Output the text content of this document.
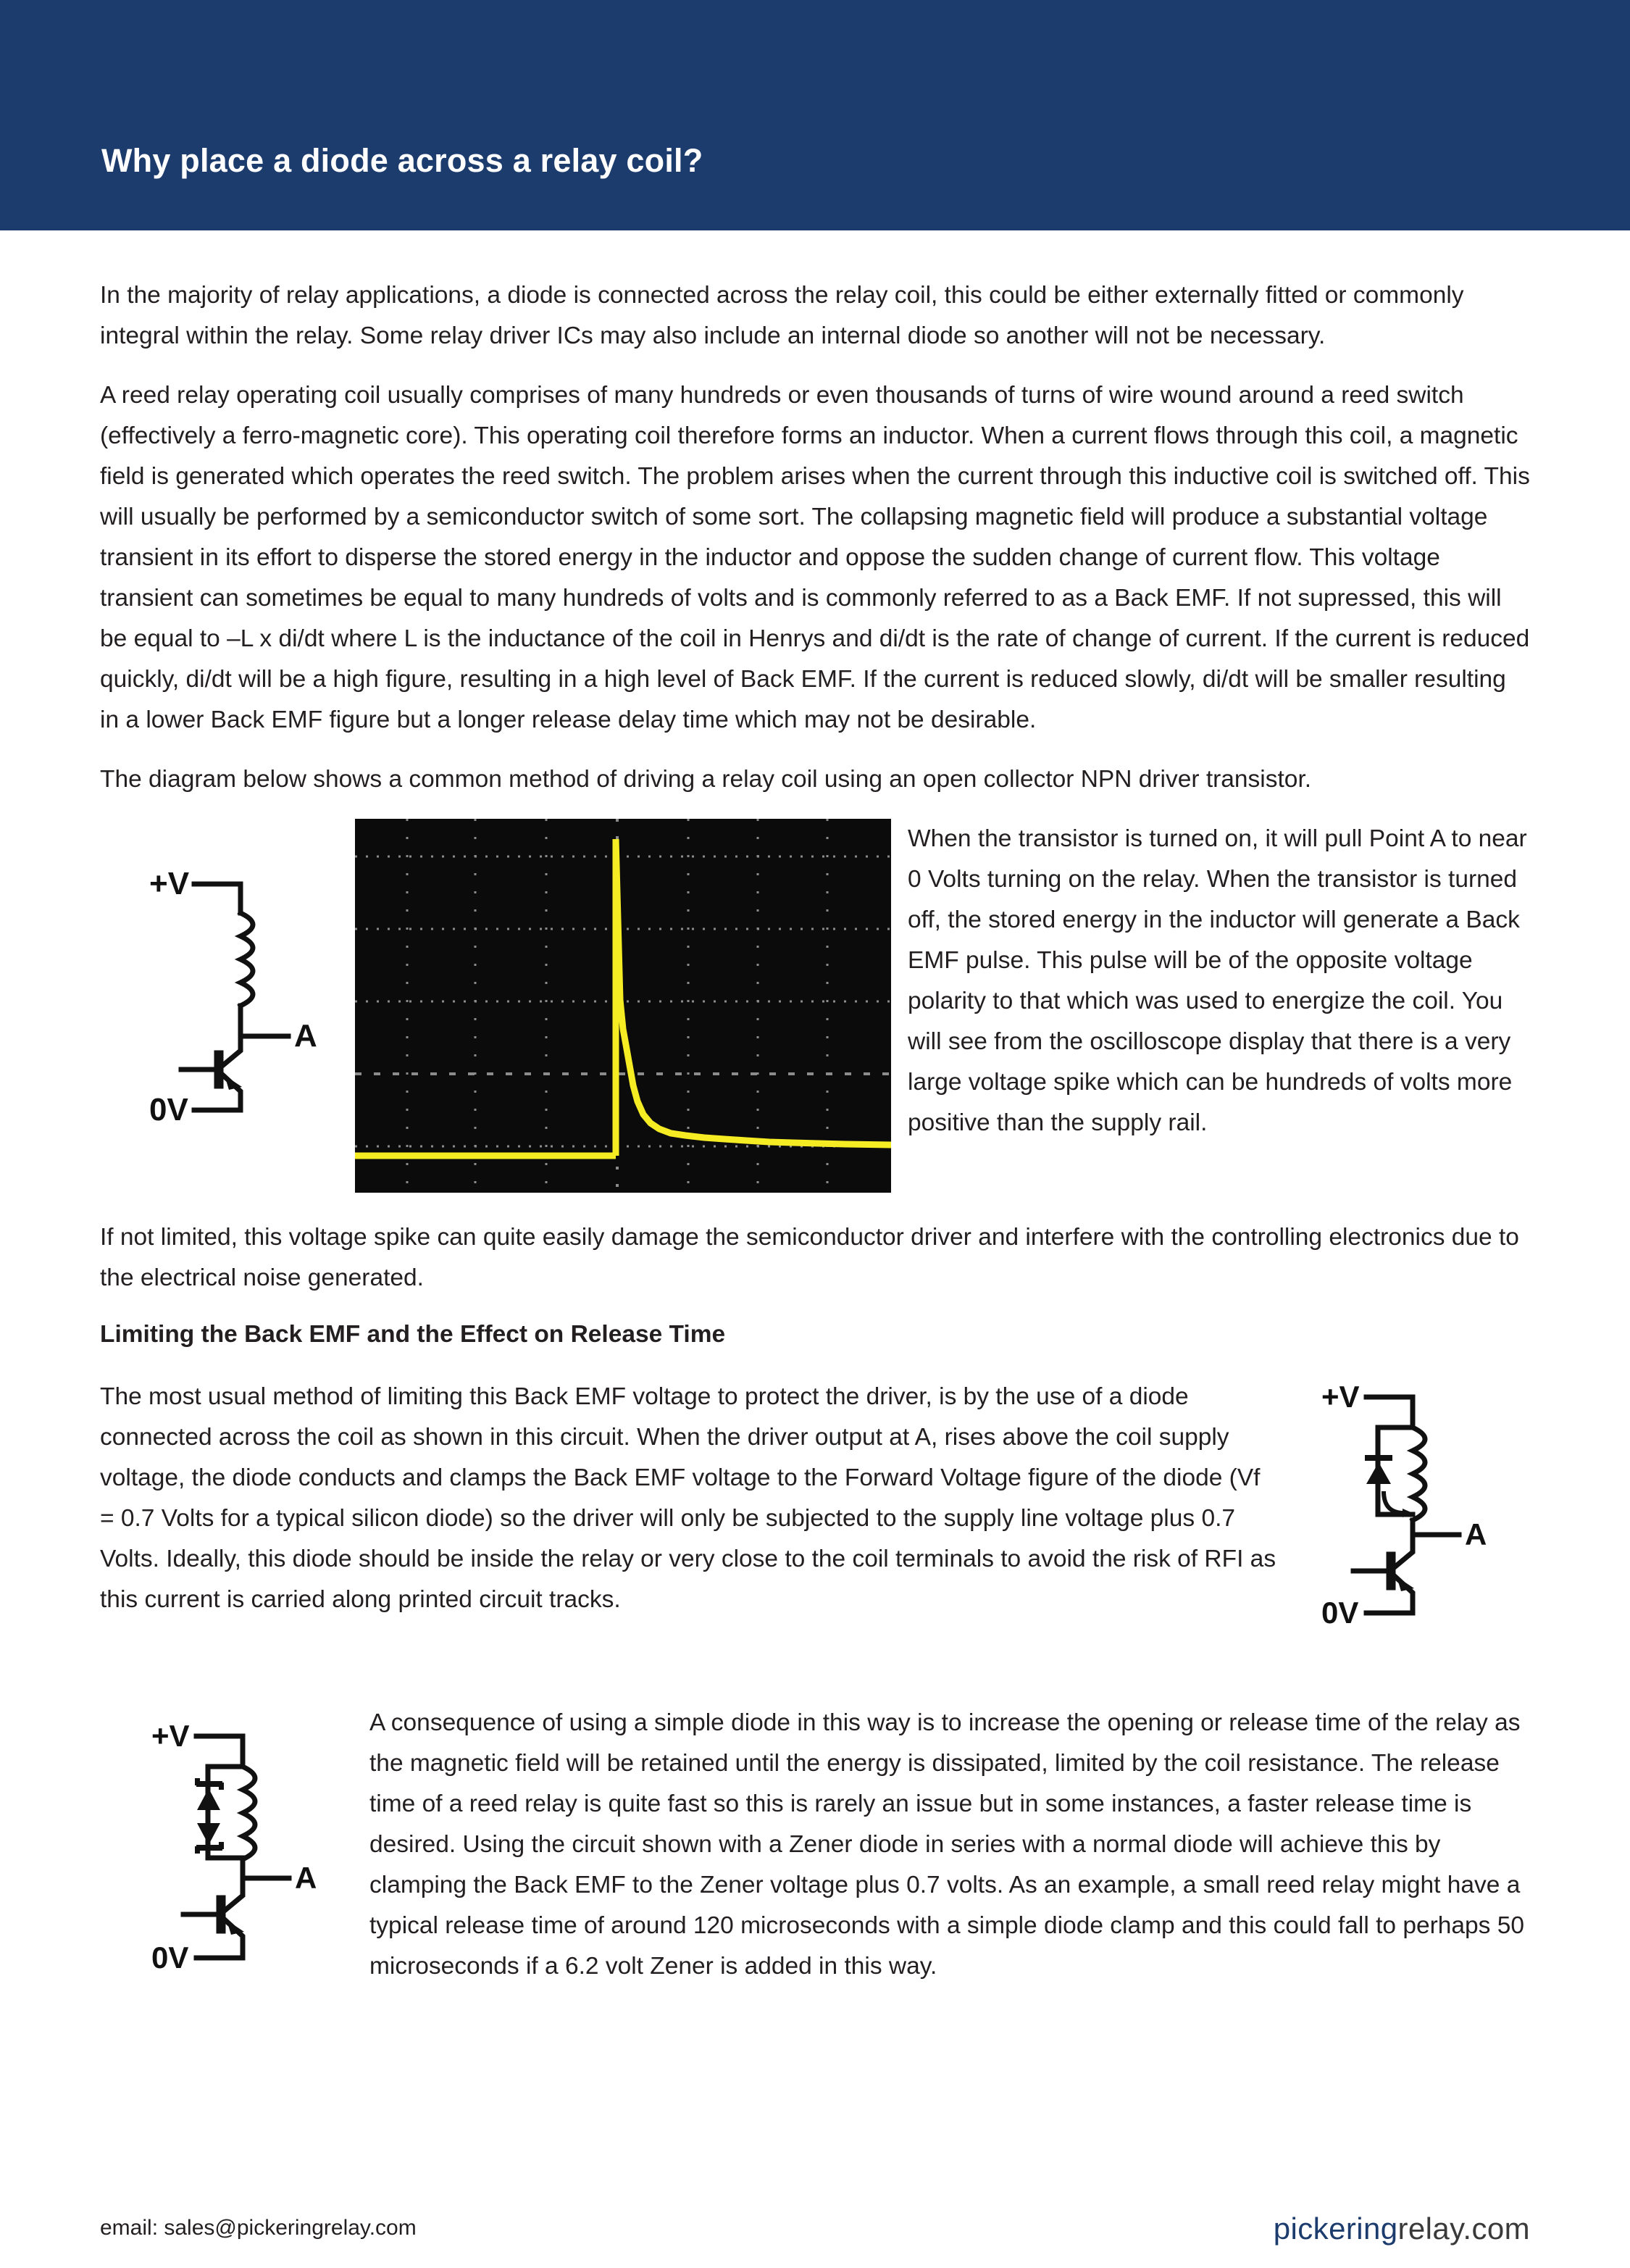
Why place a diode across a relay coil?

In the majority of relay applications, a diode is connected across the relay coil, this could be either externally fitted or commonly integral within the relay. Some relay driver ICs may also include an internal diode so another will not be necessary.

A reed relay operating coil usually comprises of many hundreds or even thousands of turns of wire wound around a reed switch (effectively a ferro-magnetic core). This operating coil therefore forms an inductor. When a current flows through this coil, a magnetic field is generated which operates the reed switch. The problem arises when the current through this inductive coil is switched off. This will usually be performed by a semiconductor switch of some sort. The collapsing magnetic field will produce a substantial voltage transient in its effort to disperse the stored energy in the inductor and oppose the sudden change of current flow. This voltage transient can sometimes be equal to many hundreds of volts and is commonly referred to as a Back EMF. If not supressed, this will be equal to –L x di/dt where L is the inductance of the coil in Henrys and di/dt is the rate of change of current. If the current is reduced quickly, di/dt will be a high figure, resulting in a high level of Back EMF. If the current is reduced slowly, di/dt will be smaller resulting in a lower Back EMF figure but a longer release delay time which may not be desirable.

The diagram below shows a common method of driving a relay coil using an open collector NPN driver transistor.

+V
0V
A
When the transistor is turned on, it will pull Point A to near 0 Volts turning on the relay. When the transistor is turned off, the stored energy in the inductor will generate a Back EMF pulse. This pulse will be of the opposite voltage polarity to that which was used to energize the coil. You will see from the oscilloscope display that there is a very large voltage spike which can be hundreds of volts more positive than the supply rail.

If not limited, this voltage spike can quite easily damage the semiconductor driver and interfere with the controlling electronics due to the electrical noise generated.

Limiting the Back EMF and the Effect on Release Time
The most usual method of limiting this Back EMF voltage to protect the driver, is by the use of a diode connected across the coil as shown in this circuit. When the driver output at A, rises above the coil supply voltage, the diode conducts and clamps the Back EMF voltage to the Forward Voltage figure of the diode (Vf = 0.7 Volts for a typical silicon diode) so the driver will only be subjected to the supply line voltage plus 0.7 Volts. Ideally, this diode should be inside the relay or very close to the coil terminals to avoid the risk of RFI as this current is carried along printed circuit tracks.
+V
0V
A
+V
0V
A
A consequence of using a simple diode in this way is to increase the opening or release time of the relay as the magnetic field will be retained until the energy is dissipated, limited by the coil resistance. The release time of a reed relay is quite fast so this is rarely an issue but in some instances, a faster release time is desired. Using the circuit shown with a Zener diode in series with a normal diode will achieve this by clamping the Back EMF to the Zener voltage plus 0.7 volts. As an example, a small reed relay might have a typical release time of around 120 microseconds with a simple diode clamp and this could fall to perhaps 50 microseconds if a 6.2 volt Zener is added in this way.
email: sales@pickeringrelay.com	pickeringrelay.com
